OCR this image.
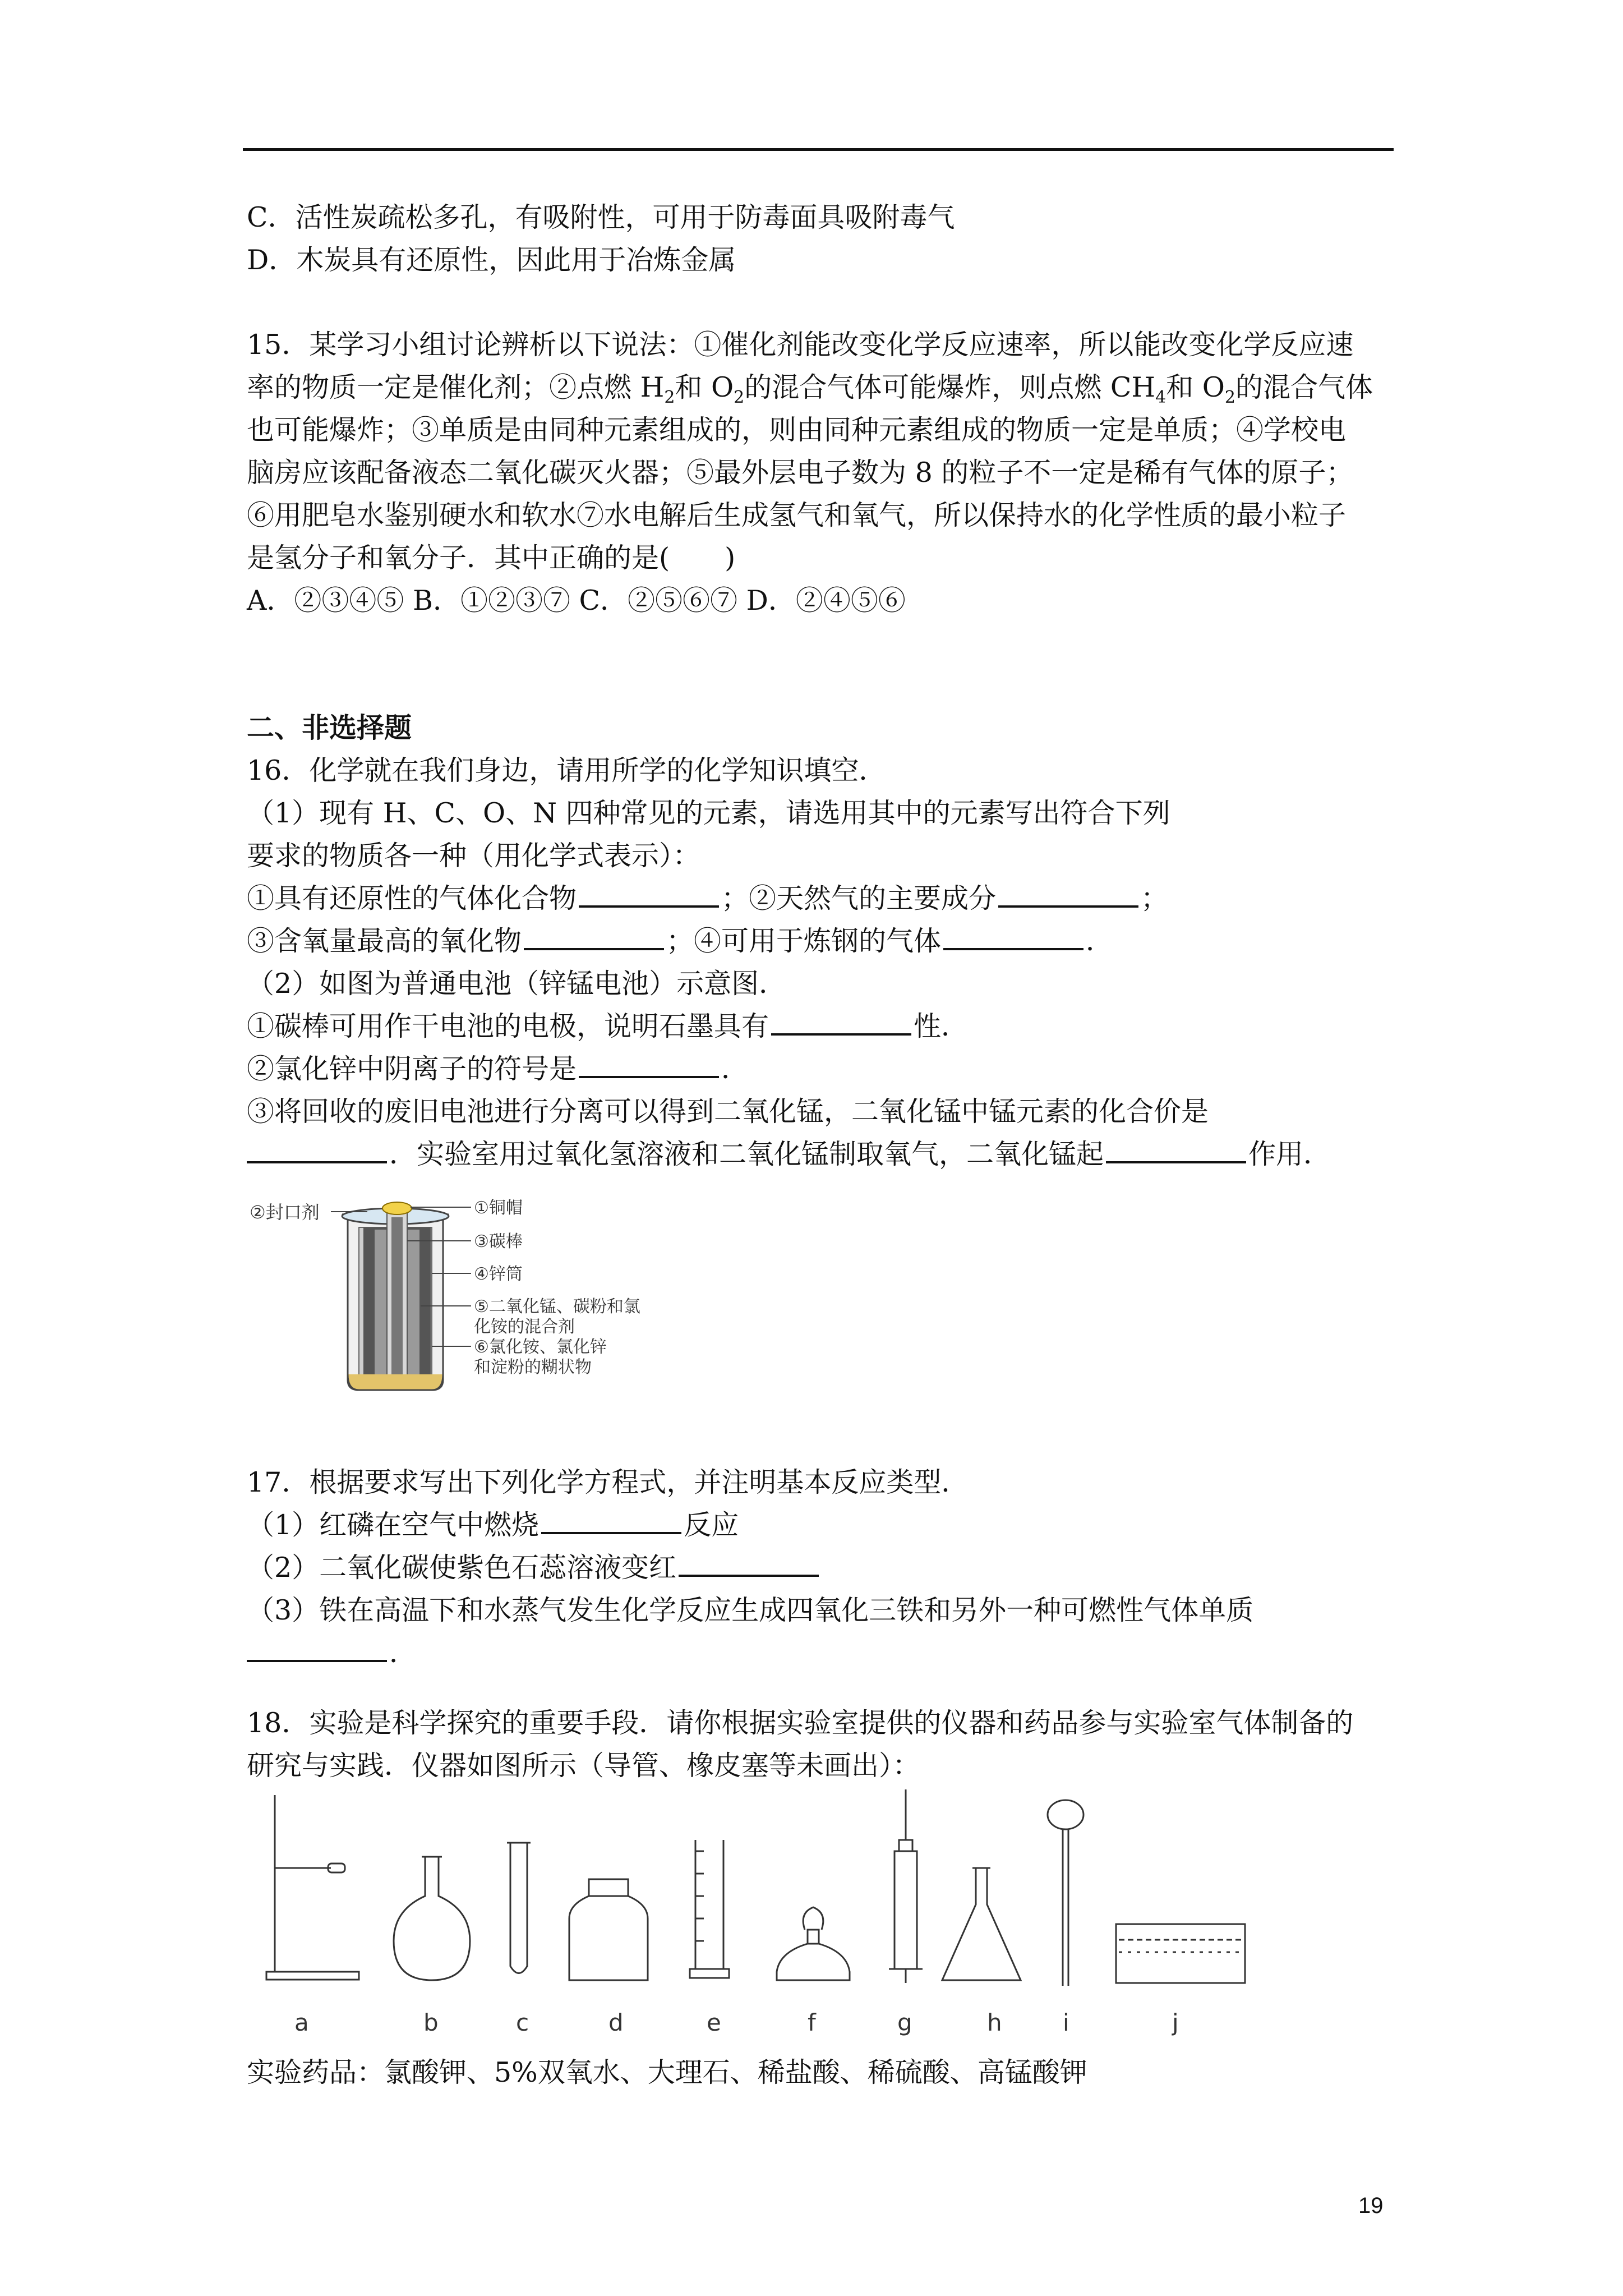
C．活性炭疏松多孔，有吸附性，可用于防毒面具吸附毒气
D．木炭具有还原性，因此用于冶炼金属
15．某学习小组讨论辨析以下说法：①催化剂能改变化学反应速率，所以能改变化学反应速
率的物质一定是催化剂；②点燃 $H_2$和 $O_2$的混合气体可能爆炸，则点燃 $CH_4$和 $O_2$的混合气体
也可能爆炸；③单质是由同种元素组成的，则由同种元素组成的物质一定是单质；④学校电
脑房应该配备液态二氧化碳灭火器；⑤最外层电子数为 8 的粒子不一定是稀有气体的原子；
⑥用肥皂水鉴别硬水和软水⑦水电解后生成氢气和氧气，所以保持水的化学性质的最小粒子
是氢分子和氧分子．其中正确的是(　　)
A．②③④⑤ B．①②③⑦ C．②⑤⑥⑦ D．②④⑤⑥
二、非选择题
16．化学就在我们身边，请用所学的化学知识填空．
（1）现有 H、C、O、N 四种常见的元素，请选用其中的元素写出符合下列
要求的物质各一种（用化学式表示）：
①具有还原性的气体化合物	；②天然气的主要成分	；
③含氧量最高的氧化物	；④可用于炼钢的气体	．
（2）如图为普通电池（锌锰电池）示意图．
①碳棒可用作干电池的电极，说明石墨具有	性．
②氯化锌中阴离子的符号是	．
③将回收的废旧电池进行分离可以得到二氧化锰，二氧化锰中锰元素的化合价是
．实验室用过氧化氢溶液和二氧化锰制取氧气，二氧化锰起	作用．
②封口剂	①铜帽
③碳棒
④锌筒
⑤二氧化锰、碳粉和氯
化铵的混合剂
⑥氯化铵、氯化锌
和淀粉的糊状物
17．根据要求写出下列化学方程式，并注明基本反应类型．
（1）红磷在空气中燃烧	反应
（2）二氧化碳使紫色石蕊溶液变红
（3）铁在高温下和水蒸气发生化学反应生成四氧化三铁和另外一种可燃性气体单质
．
18．实验是科学探究的重要手段．请你根据实验室提供的仪器和药品参与实验室气体制备的
研究与实践．仪器如图所示（导管、橡皮塞等未画出）：
a	b	c	d	e	f	g	h	i	j
实验药品：氯酸钾、5%双氧水、大理石、稀盐酸、稀硫酸、高锰酸钾
19
